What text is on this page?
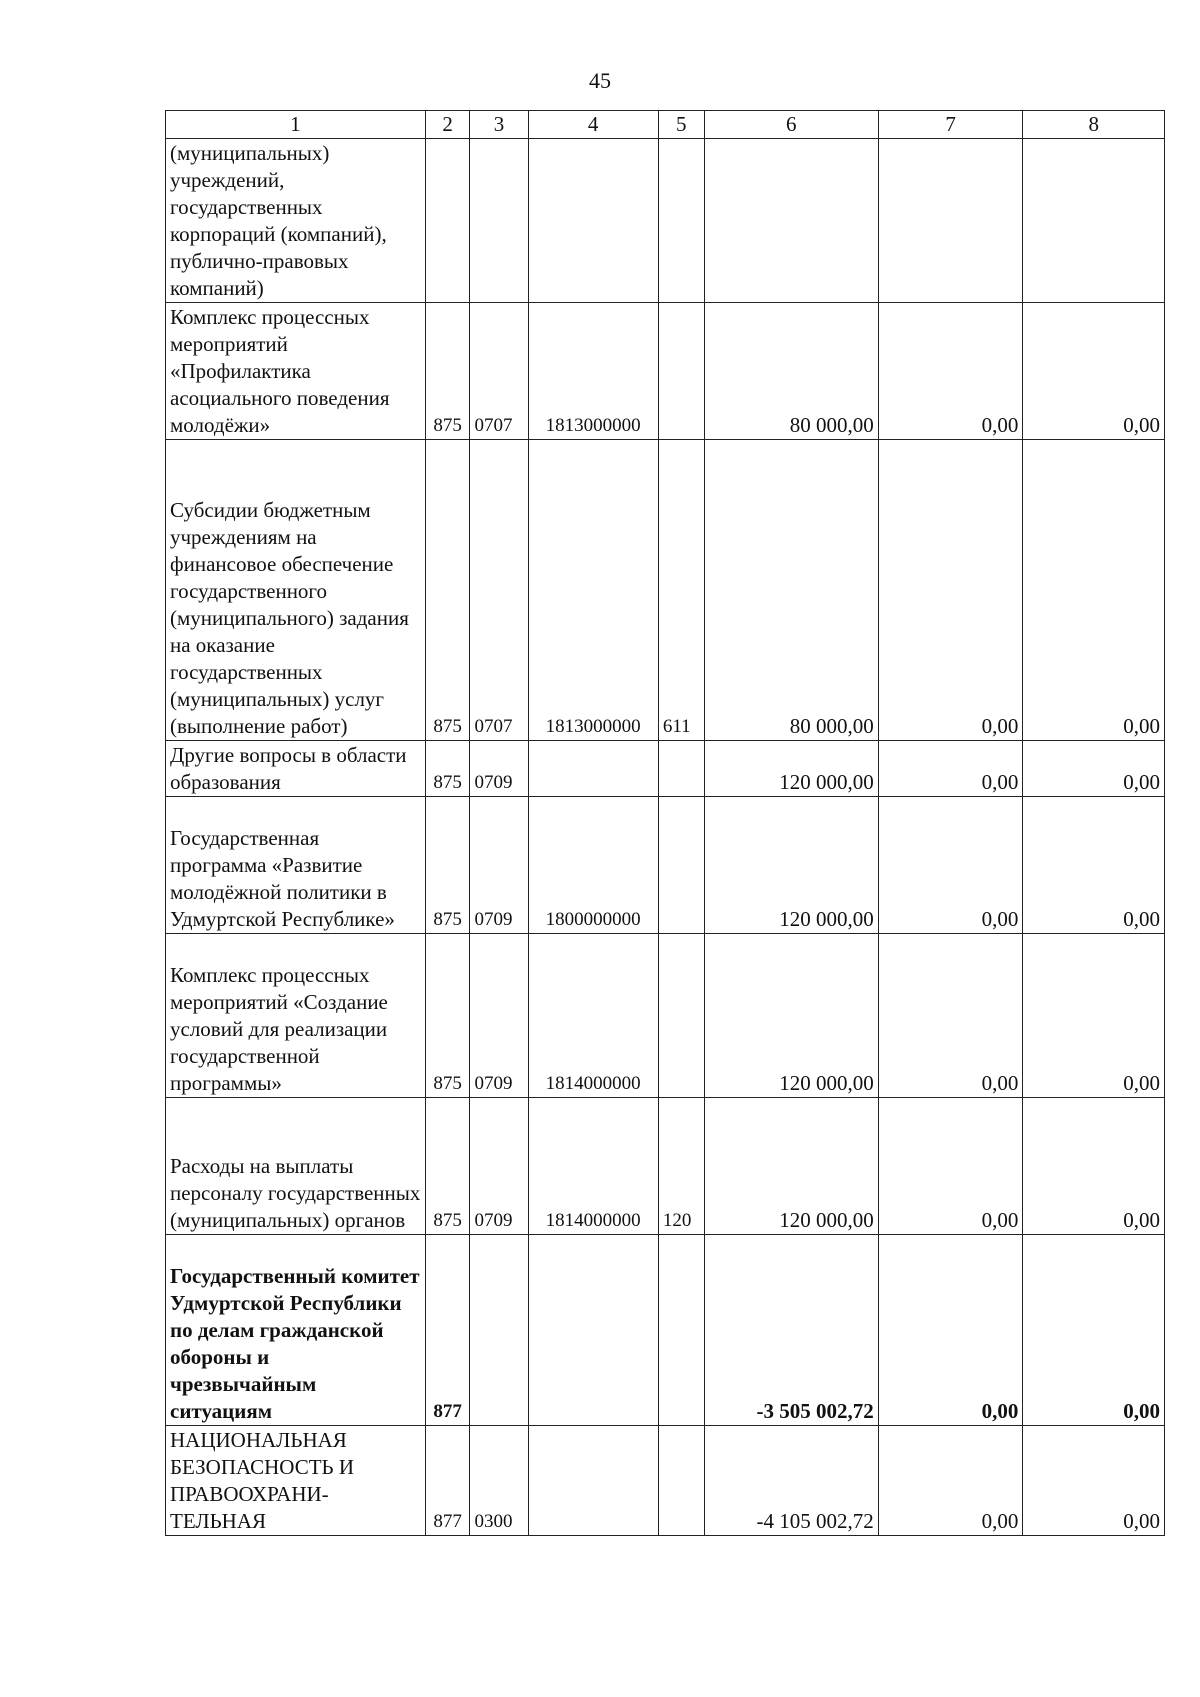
45
1	2	3	4	5	6	7	8
(муниципальных) учреждений, государственных корпораций (компаний), публично-правовых компаний)							
Комплекс процессных мероприятий «Профилактика асоциального поведения молодёжи»	875	0707	1813000000		80 000,00	0,00	0,00
Субсидии бюджетным учреждениям на финансовое обеспечение государственного (муниципального) задания на оказание государственных (муниципальных) услуг (выполнение работ)	875	0707	1813000000	611	80 000,00	0,00	0,00
Другие вопросы в области образования	875	0709			120 000,00	0,00	0,00
Государственная программа «Развитие молодёжной политики в Удмуртской Республике»	875	0709	1800000000		120 000,00	0,00	0,00
Комплекс процессных мероприятий «Создание условий для реализации государственной программы»	875	0709	1814000000		120 000,00	0,00	0,00
Расходы на выплаты персоналу государственных (муниципальных) органов	875	0709	1814000000	120	120 000,00	0,00	0,00
Государственный комитет Удмуртской Республики по делам гражданской обороны и чрезвычайным ситуациям	877				-3 505 002,72	0,00	0,00
НАЦИОНАЛЬНАЯ БЕЗОПАСНОСТЬ И ПРАВООХРАНИ-ТЕЛЬНАЯ	877	0300			-4 105 002,72	0,00	0,00
